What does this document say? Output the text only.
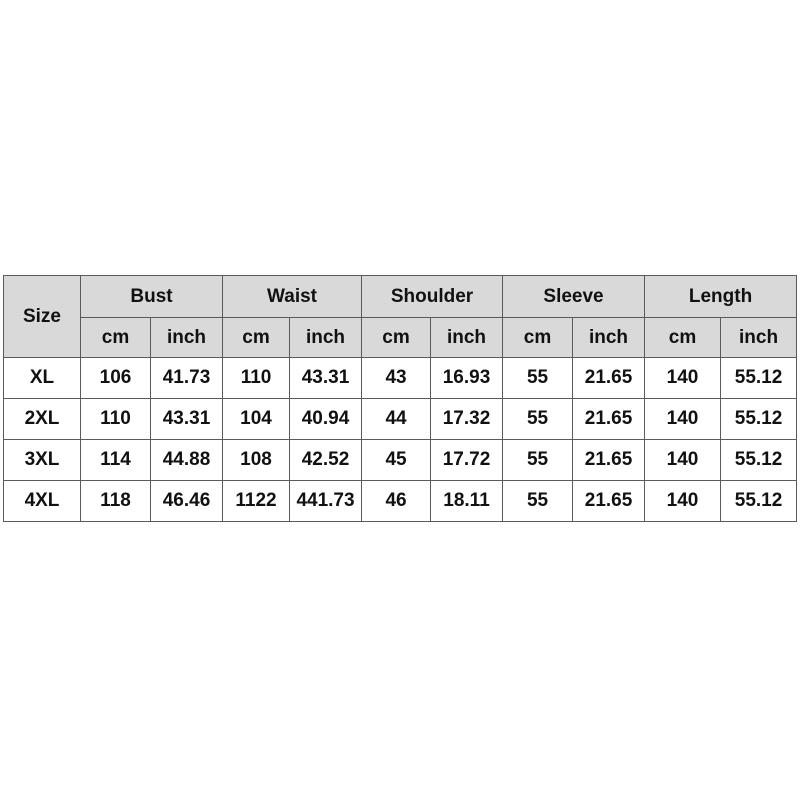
Size	Bust		Waist		Shoulder		Sleeve		Length	
	cm	inch	cm	inch	cm	inch	cm	inch	cm	inch
XL	106	41.73	110	43.31	43	16.93	55	21.65	140	55.12
2XL	110	43.31	104	40.94	44	17.32	55	21.65	140	55.12
3XL	114	44.88	108	42.52	45	17.72	55	21.65	140	55.12
4XL	118	46.46	1122	441.73	46	18.11	55	21.65	140	55.12
